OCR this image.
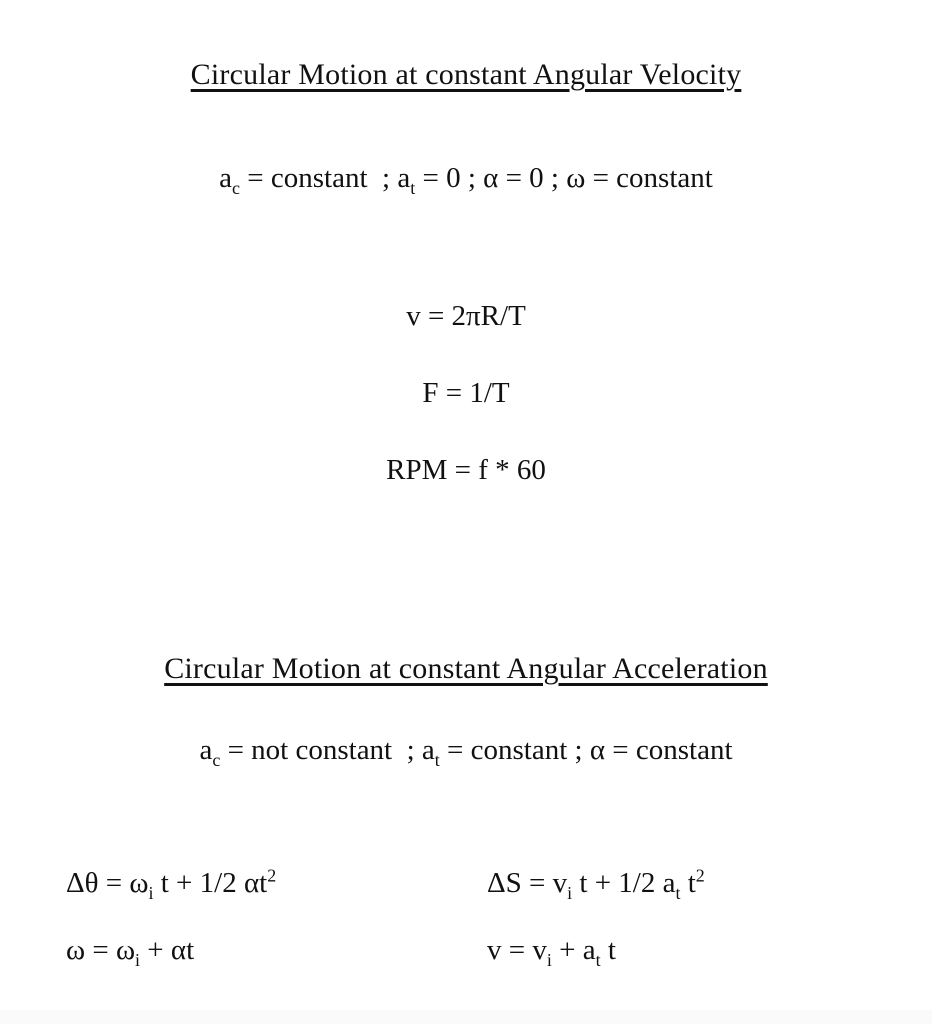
Circular Motion at constant Angular Velocity
$a_c$ = constant  ; $a_t = 0$ ; α = 0 ; ω = constant
v = 2πR/T
F = 1/T
RPM = f * 60
Circular Motion at constant Angular Acceleration
$a_c$ = not constant  ; $a_t$ = constant ; α = constant
$\Delta\theta = \omega_i$ t + 1/2 $\alpha t^2$
$\omega = \omega_i + \alpha t$
$\Delta S = v_i$ t + 1/2 $a_t$ $t^2$
$v = v_i + a_t$ t
